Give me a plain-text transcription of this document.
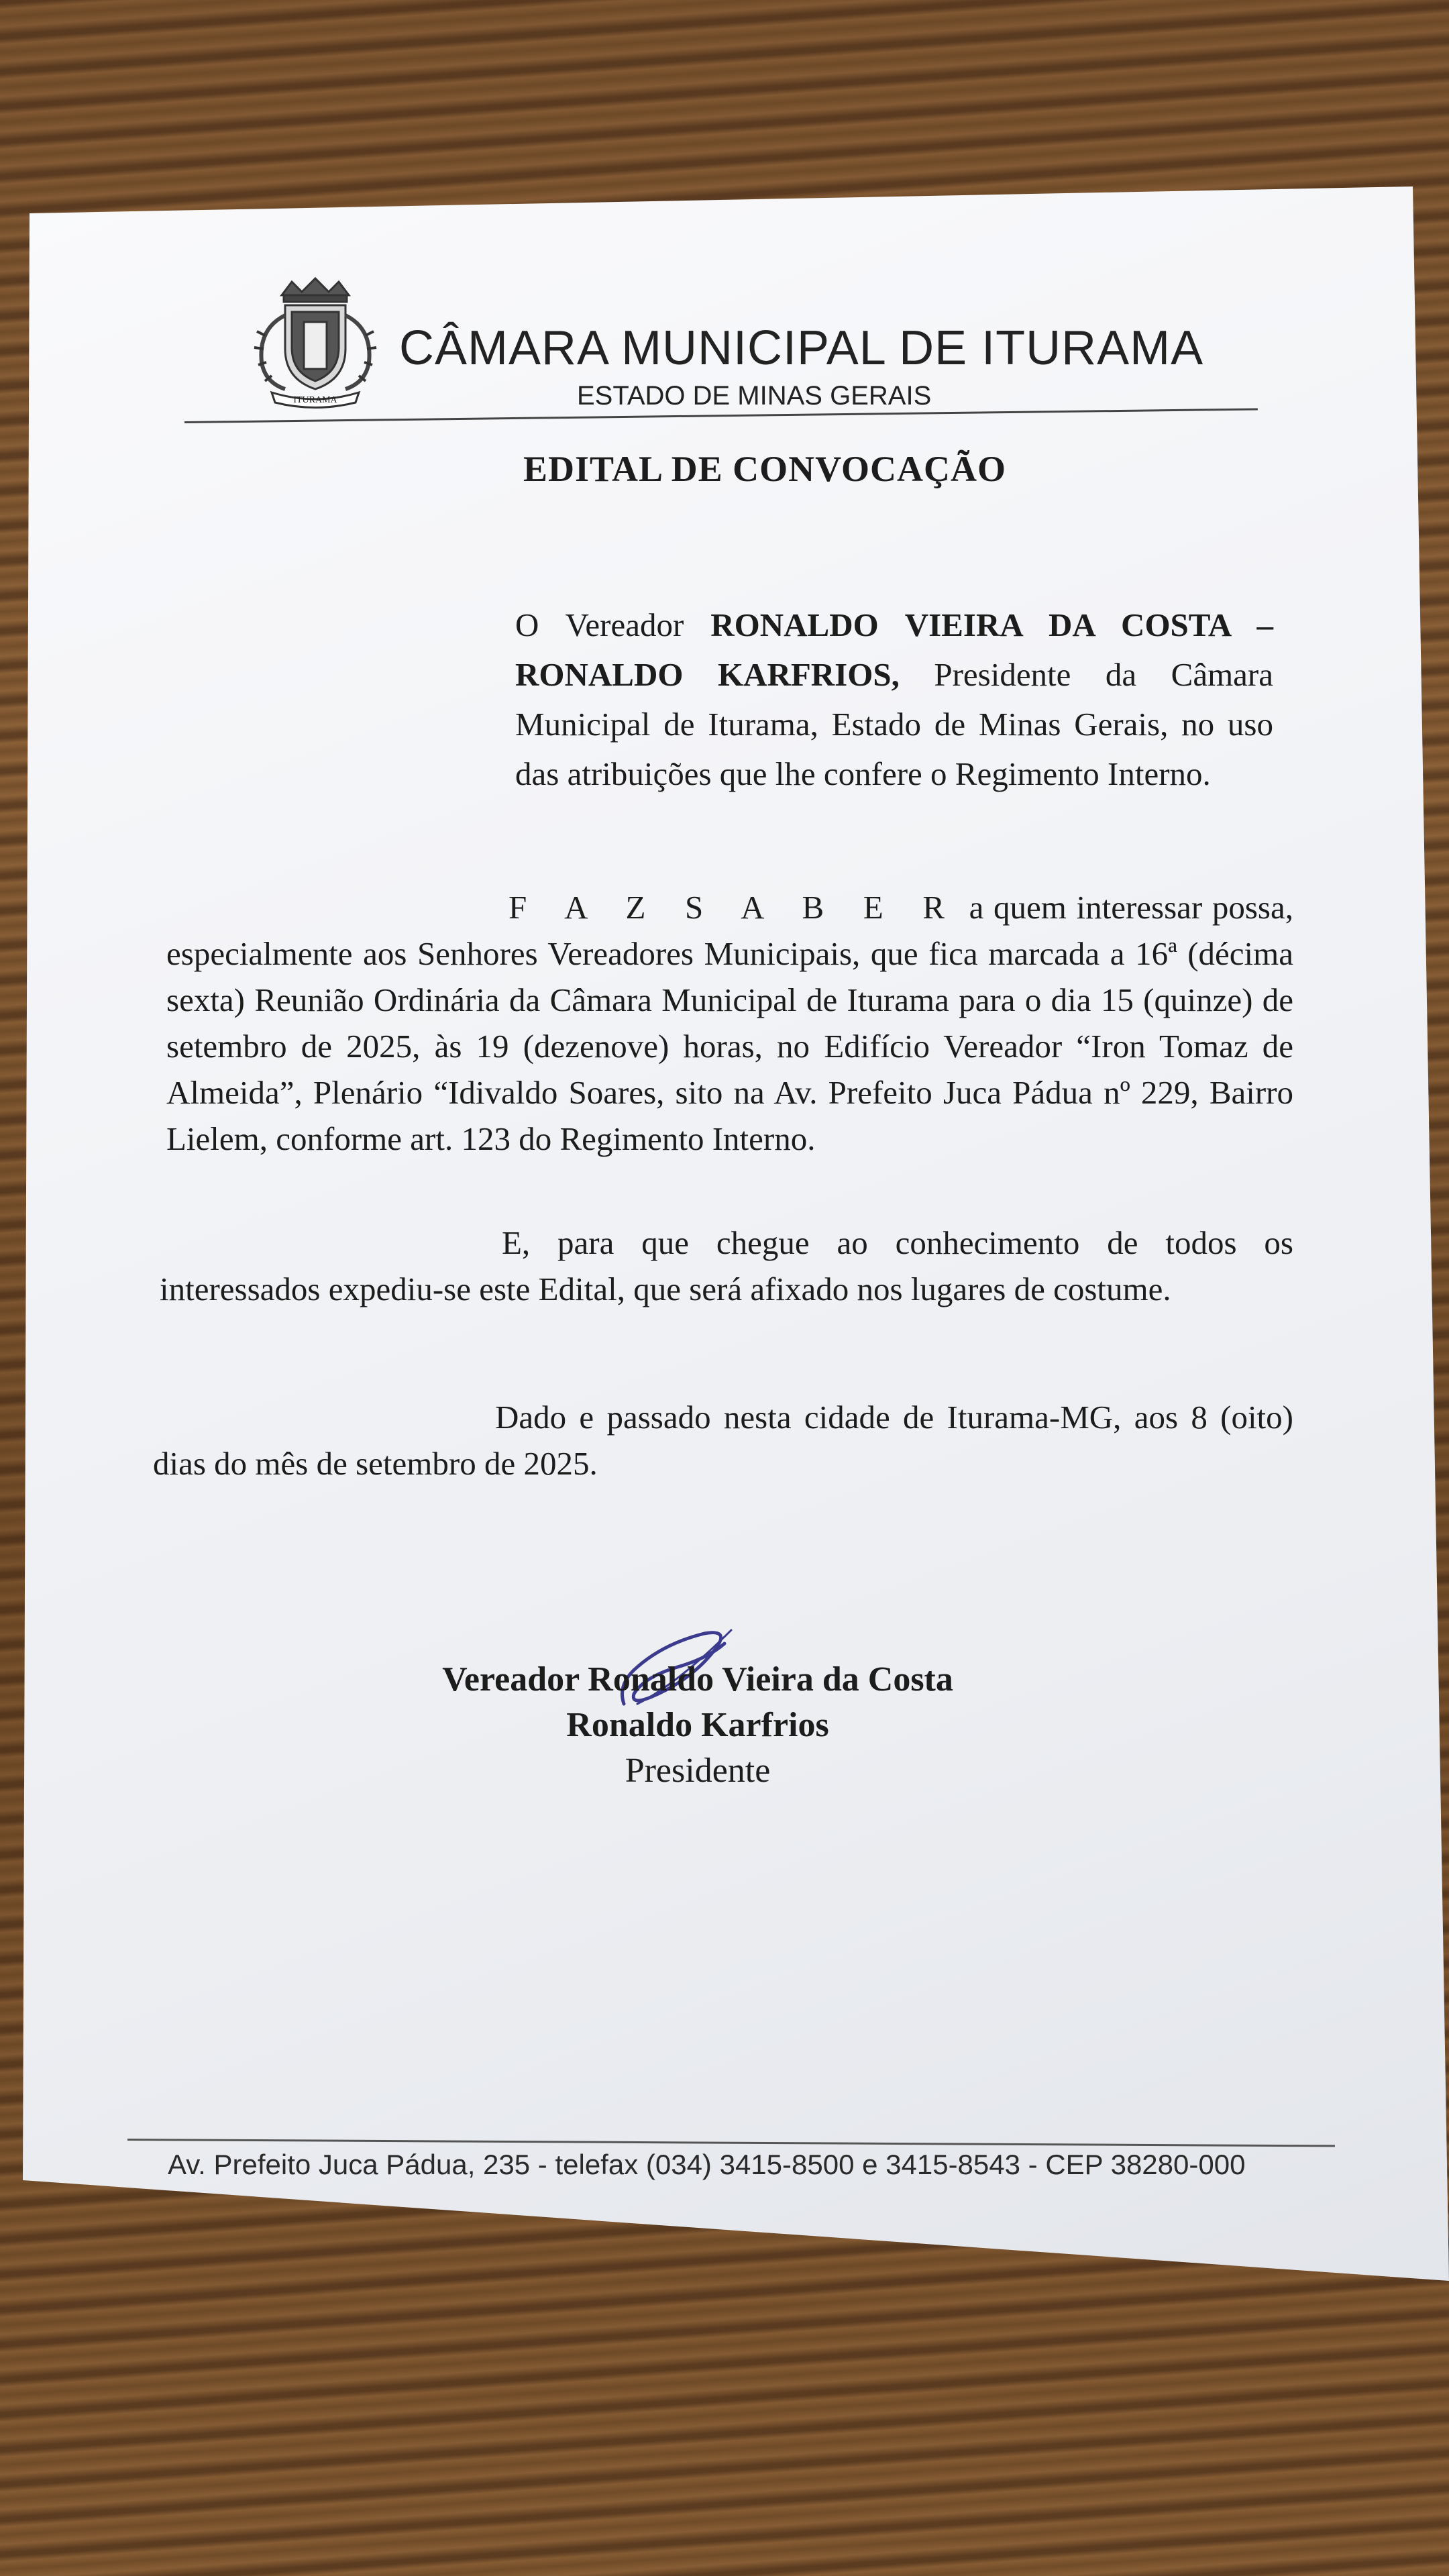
ITURAMA
CÂMARA MUNICIPAL DE ITURAMA
ESTADO DE MINAS GERAIS
EDITAL DE CONVOCAÇÃO
O Vereador RONALDO VIEIRA DA COSTA – RONALDO KARFRIOS, Presidente da Câmara Municipal de Iturama, Estado de Minas Gerais, no uso das atribuições que lhe confere o Regimento Interno.
F A Z S A B E R a quem interessar possa, especialmente aos Senhores Vereadores Municipais, que fica marcada a 16ª (décima sexta) Reunião Ordinária da Câmara Municipal de Iturama para o dia 15 (quinze) de setembro de 2025, às 19 (dezenove) horas, no Edifício Vereador “Iron Tomaz de Almeida”, Plenário “Idivaldo Soares, sito na Av. Prefeito Juca Pádua nº 229, Bairro Lielem, conforme art. 123 do Regimento Interno.
E, para que chegue ao conhecimento de todos os interessados expediu-se este Edital, que será afixado nos lugares de costume.
Dado e passado nesta cidade de Iturama-MG, aos 8 (oito) dias do mês de setembro de 2025.
Vereador Ronaldo Vieira da Costa
Ronaldo Karfrios
Presidente
Av. Prefeito Juca Pádua, 235 - telefax (034) 3415-8500 e 3415-8543 - CEP 38280-000
